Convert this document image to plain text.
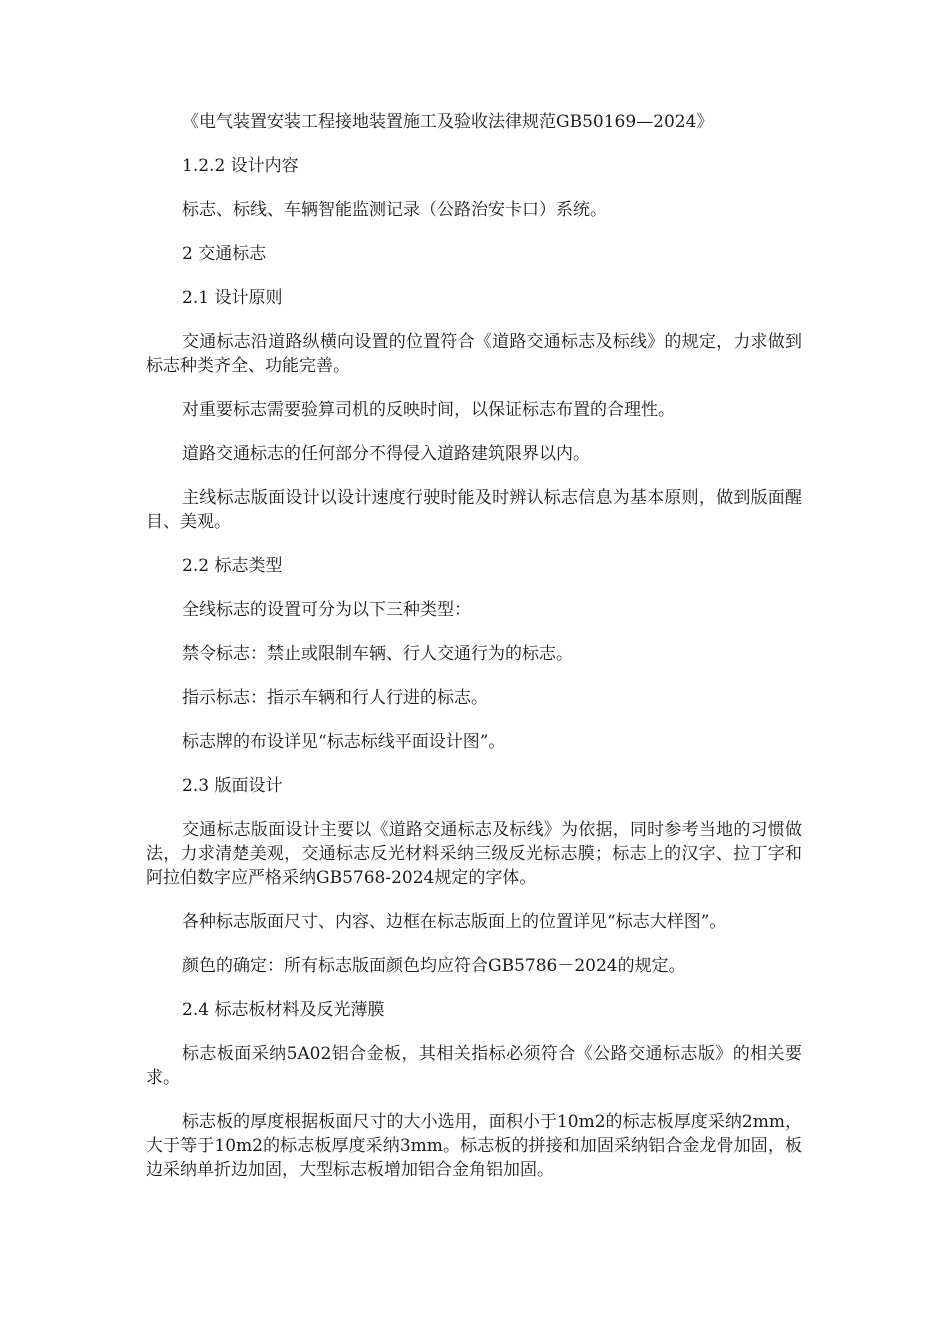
《电气装置安装工程接地装置施工及验收法律规范GB50169—2024》

1.2.2 设计内容

标志、标线、车辆智能监测记录（公路治安卡口）系统。

2 交通标志

2.1 设计原则

交通标志沿道路纵横向设置的位置符合《道路交通标志及标线》的规定，力求做到标志种类齐全、功能完善。

对重要标志需要验算司机的反映时间，以保证标志布置的合理性。

道路交通标志的任何部分不得侵入道路建筑限界以内。

主线标志版面设计以设计速度行驶时能及时辨认标志信息为基本原则，做到版面醒目、美观。

2.2 标志类型

全线标志的设置可分为以下三种类型：

禁令标志：禁止或限制车辆、行人交通行为的标志。

指示标志：指示车辆和行人行进的标志。

标志牌的布设详见“标志标线平面设计图”。

2.3 版面设计

交通标志版面设计主要以《道路交通标志及标线》为依据，同时参考当地的习惯做法，力求清楚美观，交通标志反光材料采纳三级反光标志膜；标志上的汉字、拉丁字和阿拉伯数字应严格采纳GB5768-2024规定的字体。

各种标志版面尺寸、内容、边框在标志版面上的位置详见“标志大样图”。

颜色的确定：所有标志版面颜色均应符合GB5786－2024的规定。

2.4 标志板材料及反光薄膜

标志板面采纳5A02铝合金板，其相关指标必须符合《公路交通标志版》的相关要求。

标志板的厚度根据板面尺寸的大小选用，面积小于10m2的标志板厚度采纳2mm，大于等于10m2的标志板厚度采纳3mm。标志板的拼接和加固采纳铝合金龙骨加固，板边采纳单折边加固，大型标志板增加铝合金角铝加固。
